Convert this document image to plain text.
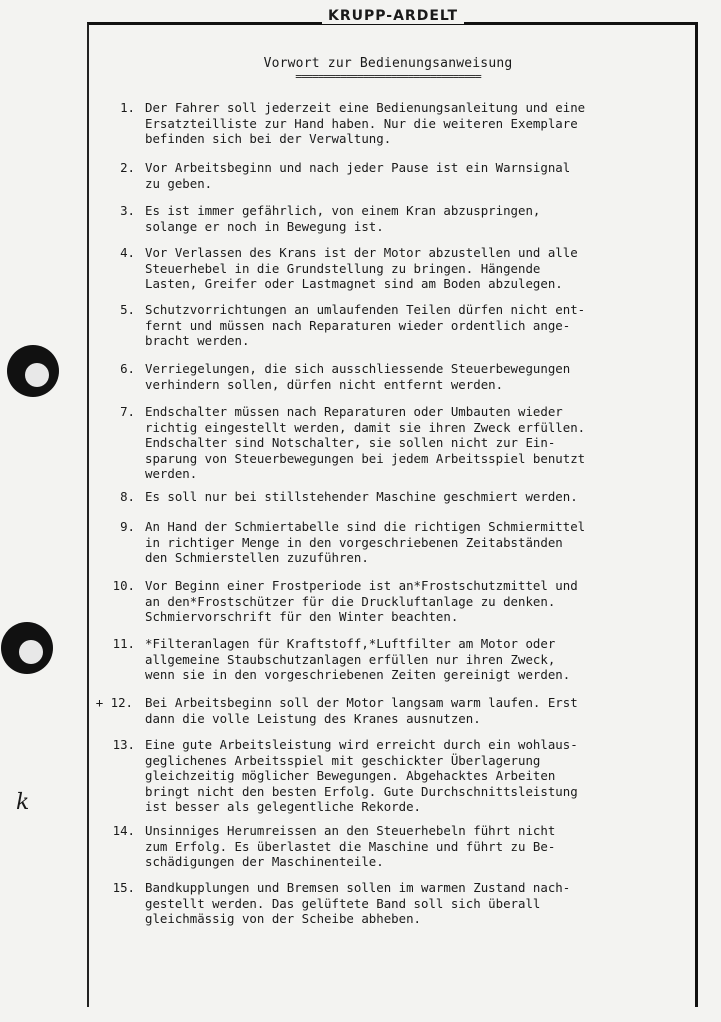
KRUPP-ARDELT
Vorwort zur Bedienungsanweisung
=================================
k
1. Der Fahrer soll jederzeit eine Bedienungsanleitung und eine
Ersatzteilliste zur Hand haben. Nur die weiteren Exemplare
befinden sich bei der Verwaltung.
2. Vor Arbeitsbeginn und nach jeder Pause ist ein Warnsignal
zu geben.
3. Es ist immer gefährlich, von einem Kran abzuspringen,
solange er noch in Bewegung ist.
4. Vor Verlassen des Krans ist der Motor abzustellen und alle
Steuerhebel in die Grundstellung zu bringen. Hängende
Lasten, Greifer oder Lastmagnet sind am Boden abzulegen.
5. Schutzvorrichtungen an umlaufenden Teilen dürfen nicht ent-
fernt und müssen nach Reparaturen wieder ordentlich ange-
bracht werden.
6. Verriegelungen, die sich ausschliessende Steuerbewegungen
verhindern sollen, dürfen nicht entfernt werden.
7. Endschalter müssen nach Reparaturen oder Umbauten wieder
richtig eingestellt werden, damit sie ihren Zweck erfüllen.
Endschalter sind Notschalter, sie sollen nicht zur Ein-
sparung von Steuerbewegungen bei jedem Arbeitsspiel benutzt
werden.
8. Es soll nur bei stillstehender Maschine geschmiert werden.
9. An Hand der Schmiertabelle sind die richtigen Schmiermittel
in richtiger Menge in den vorgeschriebenen Zeitabständen
den Schmierstellen zuzuführen.
10. Vor Beginn einer Frostperiode ist an*Frostschutzmittel und
an den*Frostschützer für die Druckluftanlage zu denken.
Schmiervorschrift für den Winter beachten.
11. *Filteranlagen für Kraftstoff,*Luftfilter am Motor oder
allgemeine Staubschutzanlagen erfüllen nur ihren Zweck,
wenn sie in den vorgeschriebenen Zeiten gereinigt werden.
+ 12. Bei Arbeitsbeginn soll der Motor langsam warm laufen. Erst
dann die volle Leistung des Kranes ausnutzen.
13. Eine gute Arbeitsleistung wird erreicht durch ein wohlaus-
geglichenes Arbeitsspiel mit geschickter Überlagerung
gleichzeitig möglicher Bewegungen. Abgehacktes Arbeiten
bringt nicht den besten Erfolg. Gute Durchschnittsleistung
ist besser als gelegentliche Rekorde.
14. Unsinniges Herumreissen an den Steuerhebeln führt nicht
zum Erfolg. Es überlastet die Maschine und führt zu Be-
schädigungen der Maschinenteile.
15. Bandkupplungen und Bremsen sollen im warmen Zustand nach-
gestellt werden. Das gelüftete Band soll sich überall
gleichmässig von der Scheibe abheben.
